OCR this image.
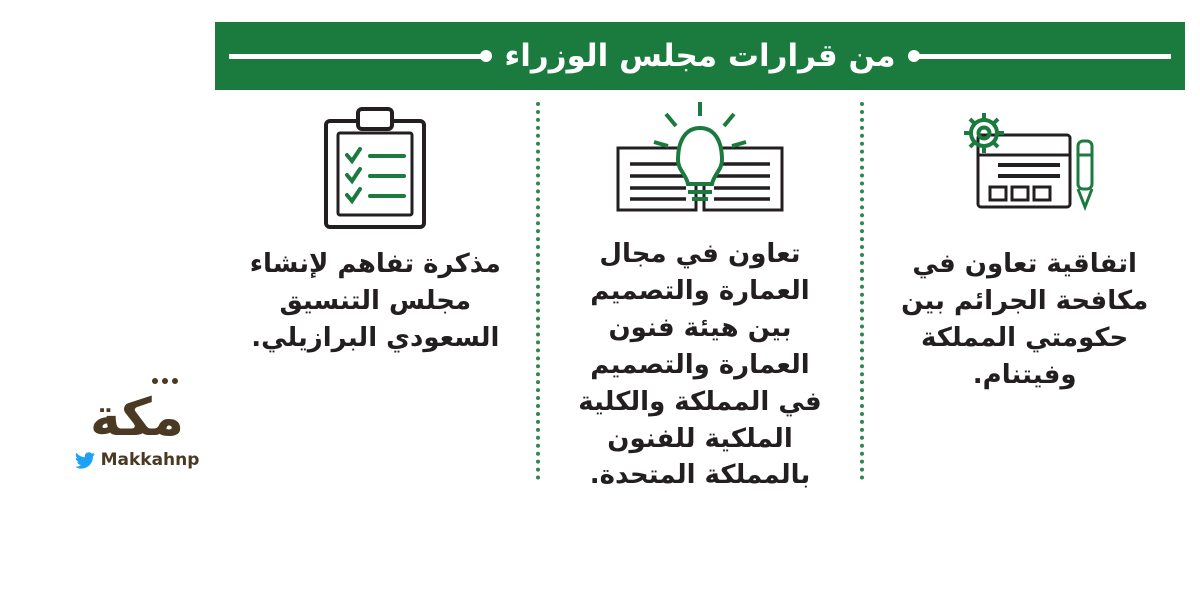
من قرارات مجلس الوزراء
اتفاقية تعاون في مكافحة الجرائم بين حكومتي المملكة وفيتنام.
تعاون في مجال العمارة والتصميم بين هيئة فنون العمارة والتصميم في المملكة والكلية الملكية للفنون بالمملكة المتحدة.
مذكرة تفاهم لإنشاء مجلس التنسيق السعودي البرازيلي.
مكة
Makkahnp
